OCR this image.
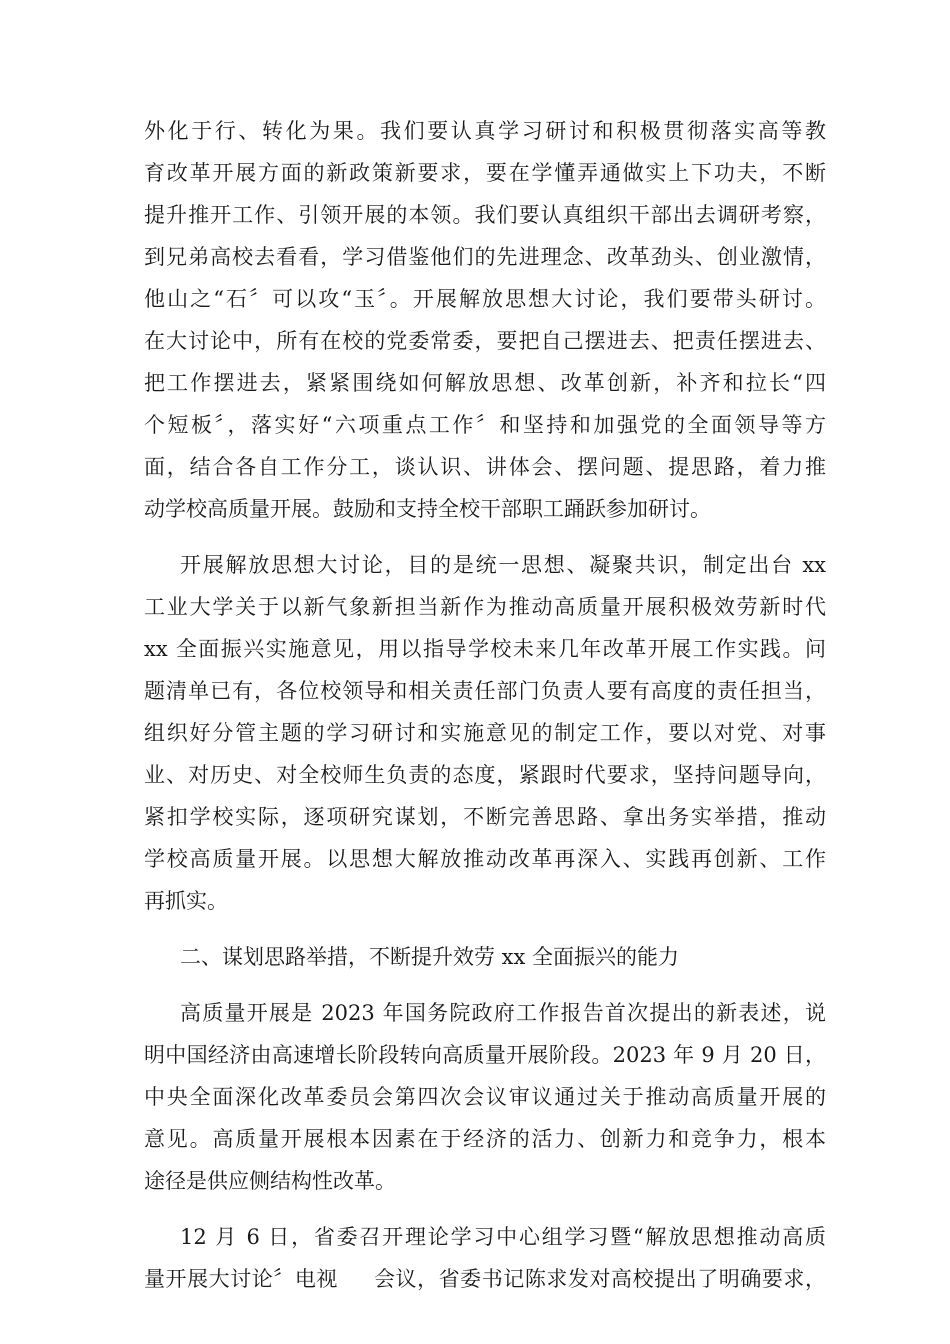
外化于行、转化为果。我们要认真学习研讨和积极贯彻落实高等教
育改革开展方面的新政策新要求，要在学懂弄通做实上下功夫，不断
提升推开工作、引领开展的本领。我们要认真组织干部出去调研考察，
到兄弟高校去看看，学习借鉴他们的先进理念、改革劲头、创业激情，
他山之“石〞可以攻“玉〞。开展解放思想大讨论，我们要带头研讨。
在大讨论中，所有在校的党委常委，要把自己摆进去、把责任摆进去、
把工作摆进去，紧紧围绕如何解放思想、改革创新，补齐和拉长“四
个短板〞，落实好“六项重点工作〞和坚持和加强党的全面领导等方
面，结合各自工作分工，谈认识、讲体会、摆问题、提思路，着力推
动学校高质量开展。鼓励和支持全校干部职工踊跃参加研讨。
开展解放思想大讨论，目的是统一思想、凝聚共识，制定出台 xx
工业大学关于以新气象新担当新作为推动高质量开展积极效劳新时代
xx 全面振兴实施意见，用以指导学校未来几年改革开展工作实践。问
题清单已有，各位校领导和相关责任部门负责人要有高度的责任担当，
组织好分管主题的学习研讨和实施意见的制定工作，要以对党、对事
业、对历史、对全校师生负责的态度，紧跟时代要求，坚持问题导向，
紧扣学校实际，逐项研究谋划，不断完善思路、拿出务实举措，推动
学校高质量开展。以思想大解放推动改革再深入、实践再创新、工作
再抓实。
二、谋划思路举措，不断提升效劳 xx 全面振兴的能力
高质量开展是 2023 年国务院政府工作报告首次提出的新表述，说
明中国经济由高速增长阶段转向高质量开展阶段。2023 年 9 月 20 日，
中央全面深化改革委员会第四次会议审议通过关于推动高质量开展的
意见。高质量开展根本因素在于经济的活力、创新力和竞争力，根本
途径是供应侧结构性改革。
12 月 6 日，省委召开理论学习中心组学习暨“解放思想推动高质
量开展大讨论〞电视 　 会议，省委书记陈求发对高校提出了明确要求，
